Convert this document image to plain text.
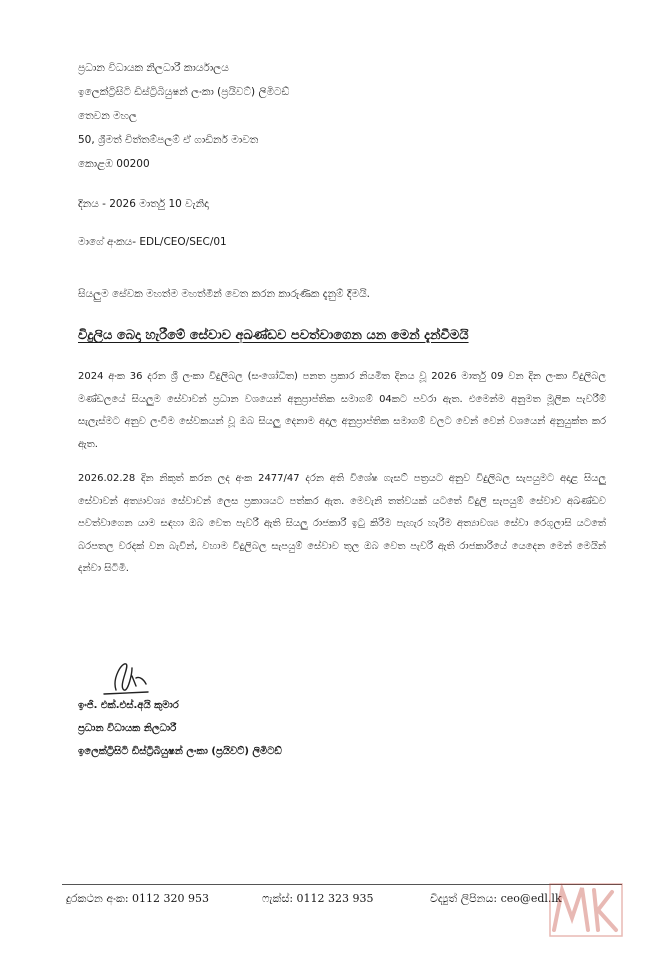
ප්‍රධාන විධායක නිලධාරී කාර්යාලය
ඉලෙක්ට්‍රිසිටි ඩිස්ට්‍රිබියුෂන් ලංකා (ප්‍රයිවට්) ලිමිටඩ්
තෙවන මහල
50, ශ්‍රීමත් චිත්තම්පලම් ඒ ගාඩිනර් මාවත
කොළඹ 00200
දිනය - 2026 මාර්තු 10 වැනිදා
මාගේ අංකය- EDL/CEO/SEC/01
සියලුම සේවක මහත්ම මහත්මීන් වෙත කරන කාරුණික දැනුම් දීමයි.
විදුලිය බෙදා හැරීමේ සේවාව අඛණ්ඩව පවත්වාගෙන යන මෙන් දැන්වීමයි
2024 අංක 36 දරන ශ්‍රී ලංකා විදුලිබල (සංශෝධිත) පනත ප්‍රකාර නියමිත දිනය වූ 2026 මාර්තු 09 වන දින ලංකා විදුලිබල මණ්ඩලයේ සියලුම සේවාවන් ප්‍රධාන වශයෙන් අනුප්‍රාප්තික සමාගම් 04කට පවරා ඇත. එමෙන්ම අනුමත මූලික පැවරීම් සැලැස්මට අනුව ලංවීම සේවකයන් වූ ඔබ සියලු දෙනාම අදාල අනුප්‍රාප්තික සමාගම් වලට වෙන් වෙන් වශයෙන් අනුයුක්ත කර ඇත.
2026.02.28 දින නිකුත් කරන ලද අංක 2477/47 දරන අති විශේෂ ගැසට් පත්‍රයට අනුව විදුලිබල සැපයුමට අදාළ සියලු සේවාවන් අත්‍යාවශ්‍ය සේවාවන් ලෙස ප්‍රකාශයට පත්කර ඇත. මෙවැනි තත්වයක් යටතේ විදුලි සැපයුම් සේවාව අඛණ්ඩව පවත්වාගෙන යාම සඳහා ඔබ වෙත පැවරී ඇති සියලු රාජකාරී ඉටු කිරීම පැහැර හැරීම අත්‍යාවශ්‍ය සේවා රෙගුලාසි යටතේ බරපතල වරදක් වන බැවින්, වහාම විදුලිබල සැපයුම් සේවාව තුල ඔබ වෙත පැවරී ඇති රාජකාරියේ යෙදෙන මෙන් මෙයින් දන්වා සිටිමි.
ඉංජි. එක්.එස්.අයි කුමාර
ප්‍රධාන විධායක නිලධාරී
ඉලෙක්ට්‍රිසිටි ඩිස්ට්‍රිබියුෂන් ලංකා (ප්‍රයිවට්) ලිමිටඩ්
දුරකථන අංක: 0112 320 953	ෆැක්ස්: 0112 323 935	විද්‍යුත් ලිපිනය: ceo@edl.lk
